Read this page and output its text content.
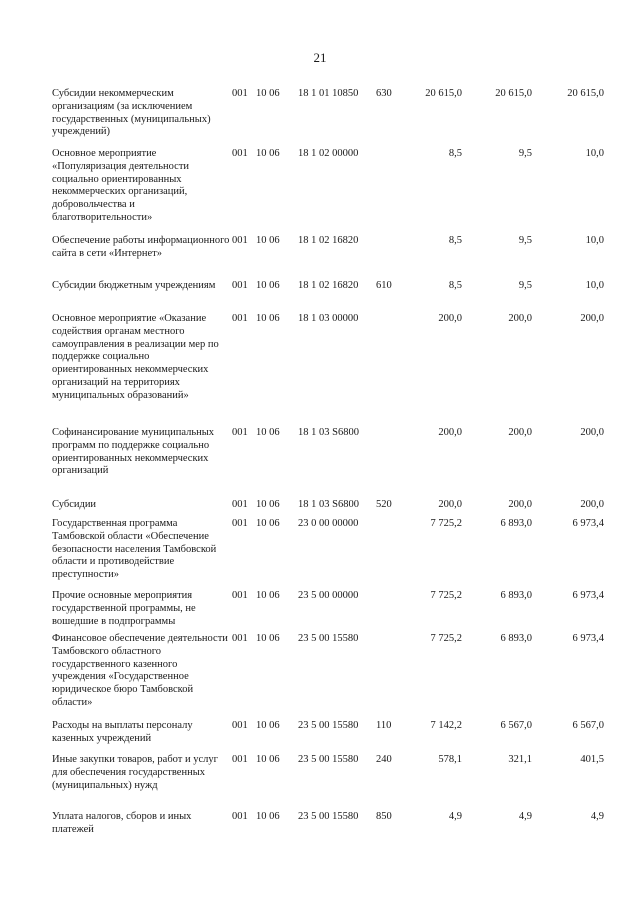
21
Субсидии некоммерческим организациям (за исключением государственных (муниципальных) учреждений)
001 10 06 18 1 01 10850 630	20 615,0	20 615,0	20 615,0
Основное мероприятие «Популяризация деятельности социально ориентированных некоммерческих организаций, добровольчества и благотворительности»
001 10 06 18 1 02 00000	8,5	9,5	10,0
Обеспечение работы информационного сайта в сети «Интернет»
001 10 06 18 1 02 16820	8,5	9,5	10,0
Субсидии бюджетным учреждениям	001 10 06 18 1 02 16820 610	8,5	9,5	10,0
Основное мероприятие «Оказание содействия органам местного самоуправления в реализации мер по поддержке социально ориентированных некоммерческих организаций на территориях муниципальных образований»
001 10 06 18 1 03 00000	200,0	200,0	200,0
Софинансирование муниципальных программ по поддержке социально ориентированных некоммерческих организаций
001 10 06 18 1 03 S6800	200,0	200,0	200,0
Субсидии	001 10 06 18 1 03 S6800 520	200,0	200,0	200,0
Государственная программа Тамбовской области «Обеспечение безопасности населения Тамбовской области и противодействие преступности»
001 10 06 23 0 00 00000	7 725,2	6 893,0	6 973,4
Прочие основные мероприятия государственной программы, не вошедшие в подпрограммы
001 10 06 23 5 00 00000	7 725,2	6 893,0	6 973,4
Финансовое обеспечение деятельности Тамбовского областного государственного казенного учреждения «Государственное юридическое бюро Тамбовской области»
001 10 06 23 5 00 15580	7 725,2	6 893,0	6 973,4
Расходы на выплаты персоналу казенных учреждений
001 10 06 23 5 00 15580 110	7 142,2	6 567,0	6 567,0
Иные закупки товаров, работ и услуг для обеспечения государственных (муниципальных) нужд
001 10 06 23 5 00 15580 240	578,1	321,1	401,5
Уплата налогов, сборов и иных платежей
001 10 06 23 5 00 15580 850	4,9	4,9	4,9
